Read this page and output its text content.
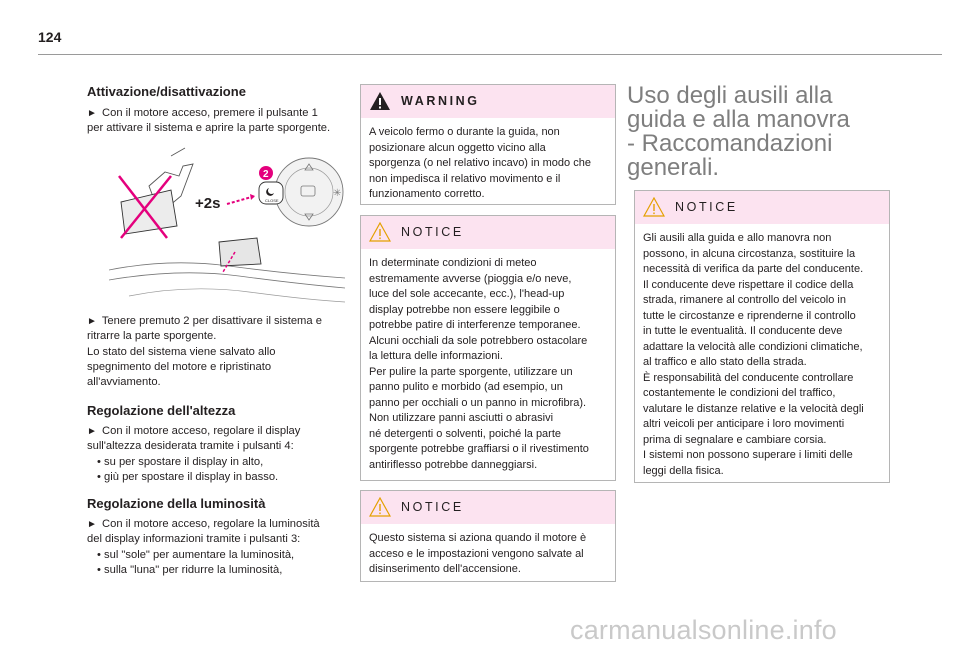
124
Attivazione/disattivazione
► Con il motore acceso, premere il pulsante 1
per attivare il sistema e aprire la parte sporgente.
CLOSE
✳
2
+2s
► Tenere premuto 2 per disattivare il sistema e
ritrarre la parte sporgente.
Lo stato del sistema viene salvato allo
spegnimento del motore e ripristinato
all'avviamento.
Regolazione dell'altezza
► Con il motore acceso, regolare il display
sull'altezza desiderata tramite i pulsanti 4:
• su per spostare il display in alto,
• giù per spostare il display in basso.
Regolazione della luminosità
► Con il motore acceso, regolare la luminosità
del display informazioni tramite i pulsanti 3:
• sul "sole" per aumentare la luminosità,
• sulla "luna" per ridurre la luminosità,
WARNING
A veicolo fermo o durante la guida, non
posizionare alcun oggetto vicino alla
sporgenza (o nel relativo incavo) in modo che
non impedisca il relativo movimento e il
funzionamento corretto.
NOTICE
In determinate condizioni di meteo
estremamente avverse (pioggia e/o neve,
luce del sole accecante, ecc.), l'head-up
display potrebbe non essere leggibile o
potrebbe patire di interferenze temporanee.
Alcuni occhiali da sole potrebbero ostacolare
la lettura delle informazioni.
Per pulire la parte sporgente, utilizzare un
panno pulito e morbido (ad esempio, un
panno per occhiali o un panno in microfibra).
Non utilizzare panni asciutti o abrasivi
né detergenti o solventi, poiché la parte
sporgente potrebbe graffiarsi o il rivestimento
antiriflesso potrebbe danneggiarsi.
NOTICE
Questo sistema si aziona quando il motore è
acceso e le impostazioni vengono salvate al
disinserimento dell'accensione.
Uso degli ausili alla
guida e alla manovra
- Raccomandazioni
generali.
NOTICE
Gli ausili alla guida e allo manovra non
possono, in alcuna circostanza, sostituire la
necessità di verifica da parte del conducente.
Il conducente deve rispettare il codice della
strada, rimanere al controllo del veicolo in
tutte le circostanze e riprenderne il controllo
in tutte le eventualità. Il conducente deve
adattare la velocità alle condizioni climatiche,
al traffico e allo stato della strada.
È responsabilità del conducente controllare
costantemente le condizioni del traffico,
valutare le distanze relative e la velocità degli
altri veicoli per anticipare i loro movimenti
prima di segnalare e cambiare corsia.
I sistemi non possono superare i limiti delle
leggi della fisica.
carmanualsonline.info
